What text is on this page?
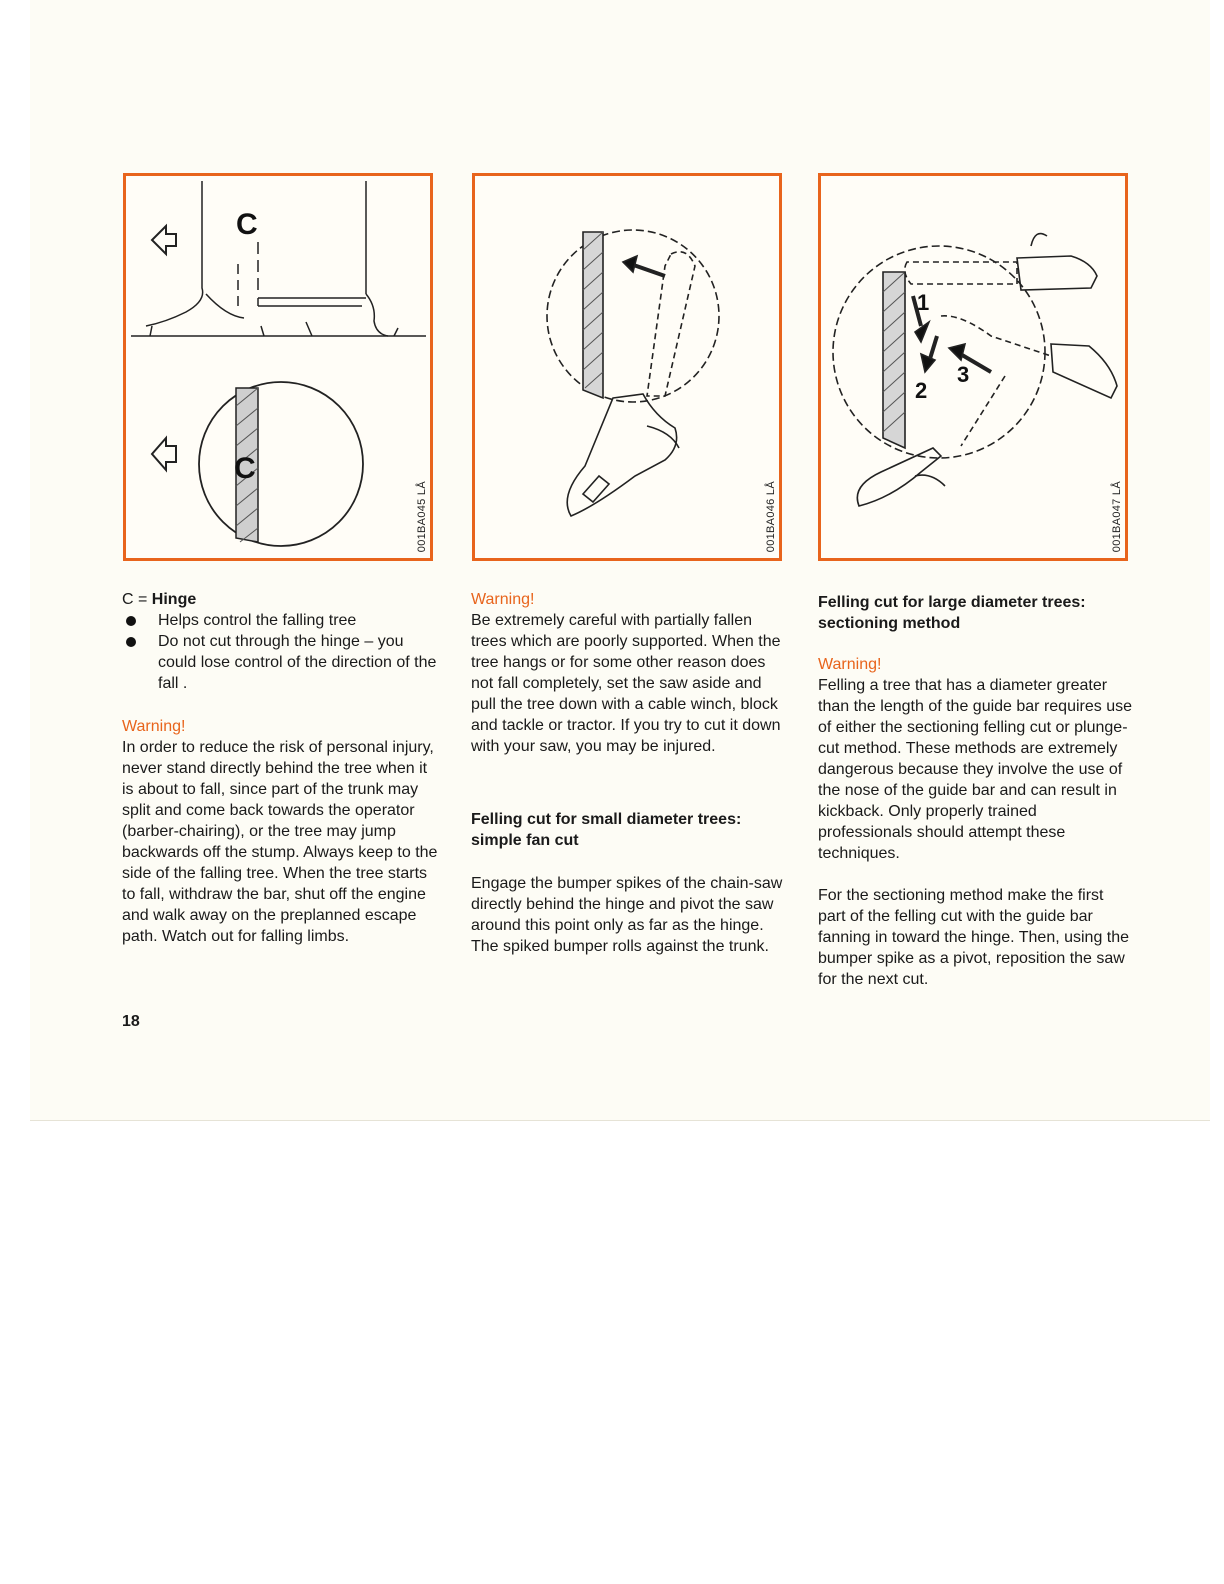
C
C
001BA045 LÅ	001BA046 LÅ
1
2
3
001BA047 LÅ

C = Hinge

Helps control the falling tree
Do not cut through the hinge – you could lose control of the direction of the fall .

Warning!

In order to reduce the risk of personal injury, never stand directly behind the tree when it is about to fall, since part of the trunk may split and come back towards the operator (barber-chairing), or the tree may jump backwards off the stump. Always keep to the side of the falling tree. When the tree starts to fall, withdraw the bar, shut off the engine and walk away on the preplanned escape path. Watch out for falling limbs.

Warning!

Be extremely careful with partially fallen trees which are poorly supported. When the tree hangs or for some other reason does not fall completely, set the saw aside and pull the tree down with a cable winch, block and tackle or tractor. If you try to cut it down with your saw, you may be injured.

Felling cut for small diameter trees: simple fan cut

Engage the bumper spikes of the chain-saw directly behind the hinge and pivot the saw around this point only as far as the hinge. The spiked bumper rolls against the trunk.

Felling cut for large diameter trees: sectioning method

Warning!

Felling a tree that has a diameter greater than the length of the guide bar requires use of either the sectioning felling cut or plunge-cut method. These methods are extremely dangerous because they involve the use of the nose of the guide bar and can result in kickback. Only properly trained professionals should attempt these techniques.

For the sectioning method make the first part of the felling cut with the guide bar fanning in toward the hinge. Then, using the bumper spike as a pivot, reposition the saw for the next cut.

18
